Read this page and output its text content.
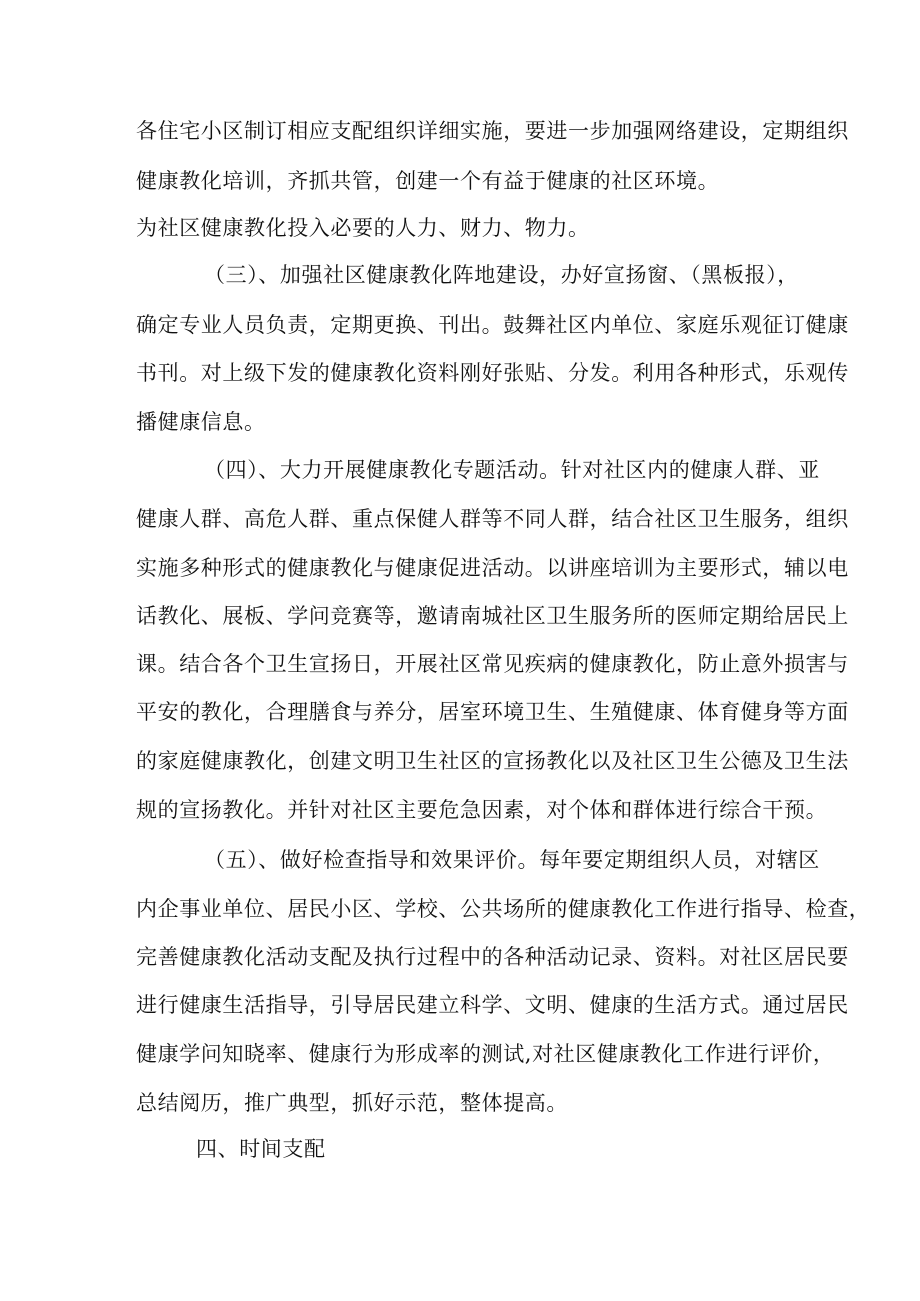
各住宅小区制订相应支配组织详细实施，要进一步加强网络建设，定期组织
健康教化培训，齐抓共管，创建一个有益于健康的社区环境。
为社区健康教化投入必要的人力、财力、物力。
（三）、加强社区健康教化阵地建设，办好宣扬窗、（黑板报），
确定专业人员负责，定期更换、刊出。鼓舞社区内单位、家庭乐观征订健康
书刊。对上级下发的健康教化资料刚好张贴、分发。利用各种形式，乐观传
播健康信息。
（四）、大力开展健康教化专题活动。针对社区内的健康人群、亚
健康人群、高危人群、重点保健人群等不同人群，结合社区卫生服务，组织
实施多种形式的健康教化与健康促进活动。以讲座培训为主要形式，辅以电
话教化、展板、学问竞赛等，邀请南城社区卫生服务所的医师定期给居民上
课。结合各个卫生宣扬日，开展社区常见疾病的健康教化，防止意外损害与
平安的教化，合理膳食与养分，居室环境卫生、生殖健康、体育健身等方面
的家庭健康教化，创建文明卫生社区的宣扬教化以及社区卫生公德及卫生法
规的宣扬教化。并针对社区主要危急因素，对个体和群体进行综合干预。
（五）、做好检查指导和效果评价。每年要定期组织人员，对辖区
内企事业单位、居民小区、学校、公共场所的健康教化工作进行指导、检查，
完善健康教化活动支配及执行过程中的各种活动记录、资料。对社区居民要
进行健康生活指导，引导居民建立科学、文明、健康的生活方式。通过居民
健康学问知晓率、健康行为形成率的测试,对社区健康教化工作进行评价，
总结阅历，推广典型，抓好示范，整体提高。
四、时间支配
